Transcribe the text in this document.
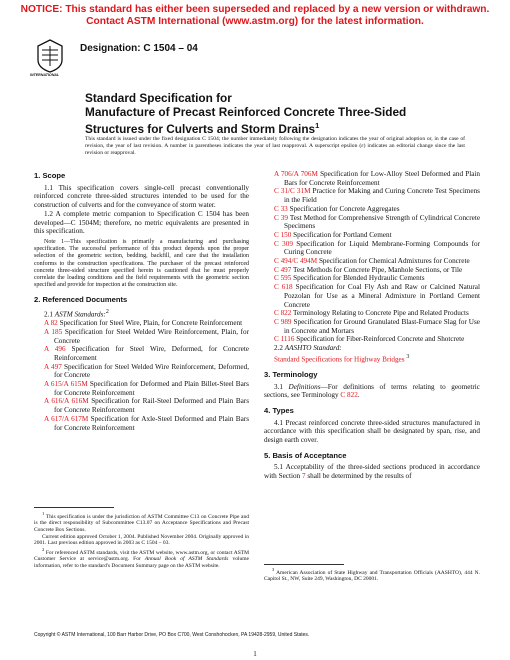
NOTICE: This standard has either been superseded and replaced by a new version or withdrawn. Contact ASTM International (www.astm.org) for the latest information.
INTERNATIONAL
Designation: C 1504 – 04
Standard Specification for
Manufacture of Precast Reinforced Concrete Three-Sided
Structures for Culverts and Storm Drains$^1$
This standard is issued under the fixed designation C 1504; the number immediately following the designation indicates the year of original adoption or, in the case of revision, the year of last revision. A number in parentheses indicates the year of last reapproval. A superscript epsilon (ε) indicates an editorial change since the last revision or reapproval.
1. Scope

1.1 This specification covers single-cell precast conventionally reinforced concrete three-sided structures intended to be used for the construction of culverts and for the conveyance of storm water.

1.2 A complete metric companion to Specification C 1504 has been developed—C 1504M; therefore, no metric equivalents are presented in this specification.

Note 1—This specification is primarily a manufacturing and purchasing specification. The successful performance of this product depends upon the proper selection of the geometric section, bedding, backfill, and care that the installation conforms to the construction specifications. The purchaser of the precast reinforced concrete three-sided structure specified herein is cautioned that he must properly correlate the loading conditions and the field requirements with the geometric section specified and provide for inspection at the construction site.

2. Referenced Documents

2.1 ASTM Standards:$^2$

A 82 Specification for Steel Wire, Plain, for Concrete Reinforcement

A 185 Specification for Steel Welded Wire Reinforcement, Plain, for Concrete

A 496 Specification for Steel Wire, Deformed, for Concrete Reinforcement

A 497 Specification for Steel Welded Wire Reinforcement, Deformed, for Concrete

A 615/A 615M Specification for Deformed and Plain Billet-Steel Bars for Concrete Reinforcement

A 616/A 616M Specification for Rail-Steel Deformed and Plain Bars for Concrete Reinforcement

A 617/A 617M Specification for Axle-Steel Deformed and Plain Bars for Concrete Reinforcement

A 706/A 706M Specification for Low-Alloy Steel Deformed and Plain Bars for Concrete Reinforcement

C 31/C 31M Practice for Making and Curing Concrete Test Specimens in the Field

C 33 Specification for Concrete Aggregates

C 39 Test Method for Comprehensive Strength of Cylindrical Concrete Specimens

C 150 Specification for Portland Cement

C 309 Specification for Liquid Membrane-Forming Compounds for Curing Concrete

C 494/C 494M Specification for Chemical Admixtures for Concrete

C 497 Test Methods for Concrete Pipe, Manhole Sections, or Tile

C 595 Specification for Blended Hydraulic Cements

C 618 Specification for Coal Fly Ash and Raw or Calcined Natural Pozzolan for Use as a Mineral Admixture in Portland Cement Concrete

C 822 Terminology Relating to Concrete Pipe and Related Products

C 989 Specification for Ground Granulated Blast-Furnace Slag for Use in Concrete and Mortars

C 1116 Specification for Fiber-Reinforced Concrete and Shotcrete

2.2 AASHTO Standard:

Standard Specifications for Highway Bridges $^3$

3. Terminology

3.1 Definitions—For definitions of terms relating to geometric sections, see Terminology C 822.

4. Types

4.1 Precast reinforced concrete three-sided structures manufactured in accordance with this specification shall be designated by span, rise, and design earth cover.

5. Basis of Acceptance

5.1 Acceptability of the three-sided sections produced in accordance with Section 7 shall be determined by the results of

$^1$ This specification is under the jurisdiction of ASTM Committee C13 on Concrete Pipe and is the direct responsibility of Subcommittee C13.07 on Acceptance Specifications and Precast Concrete Box Sections.

Current edition approved October 1, 2004. Published November 2004. Originally approved in 2001. Last previous edition approved in 2003 as C 1504 – 03.

$^2$ For referenced ASTM standards, visit the ASTM website, www.astm.org, or contact ASTM Customer Service at service@astm.org. For Annual Book of ASTM Standards volume information, refer to the standard's Document Summary page on the ASTM website.

$^3$ American Association of State Highway and Transportation Officials (AASHTO), 444 N. Capitol St., NW, Suite 249, Washington, DC 20001.

Copyright © ASTM International, 100 Barr Harbor Drive, PO Box C700, West Conshohocken, PA 19428-2959, United States.
1
